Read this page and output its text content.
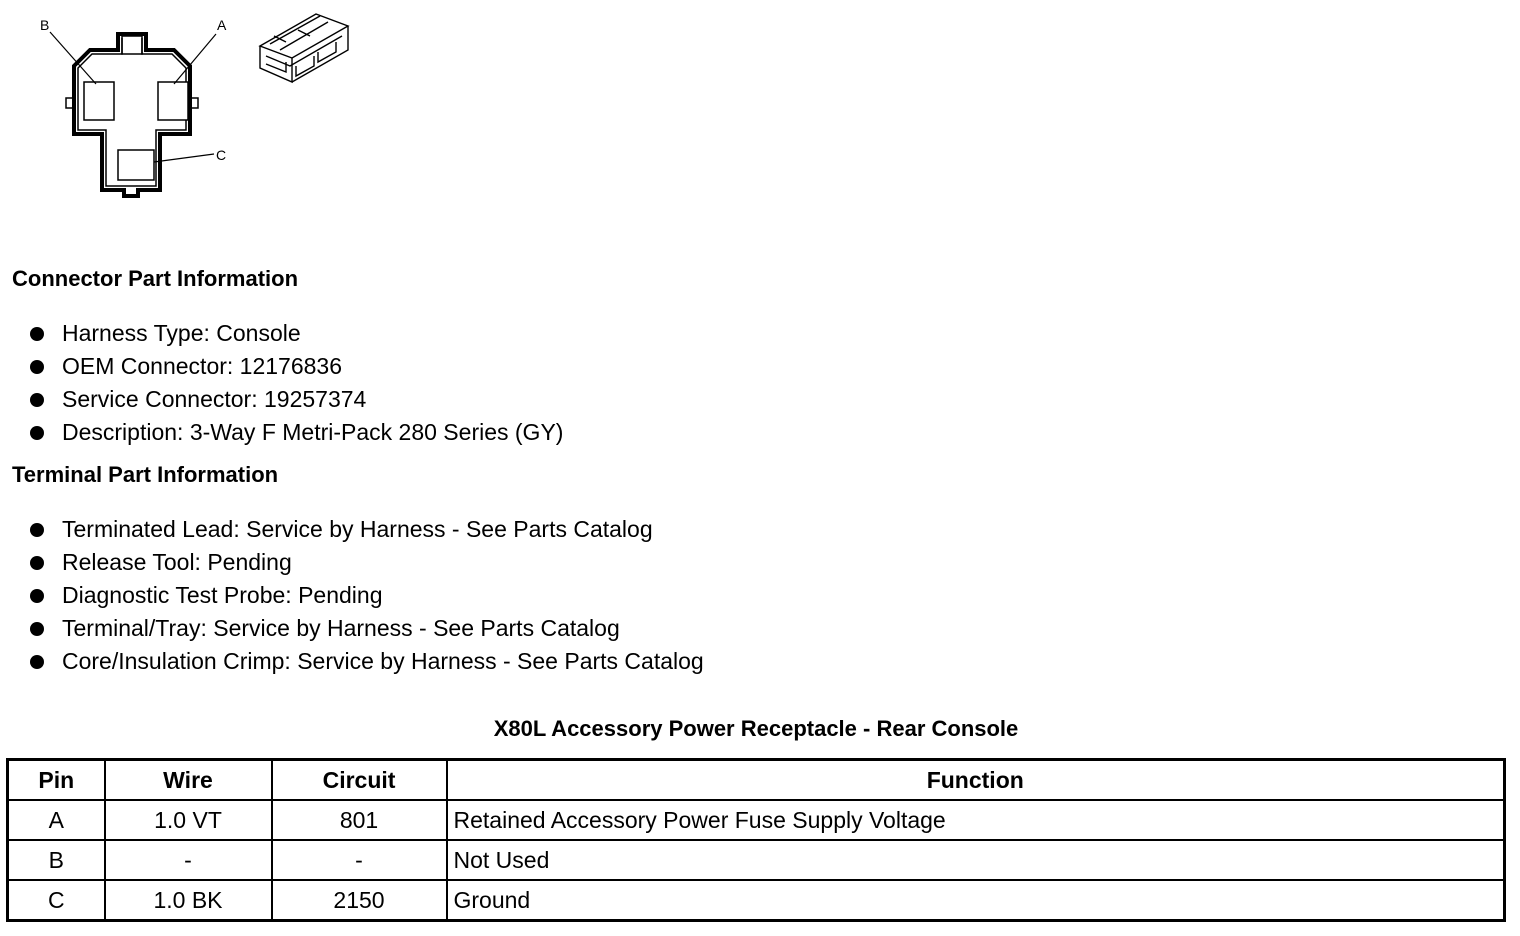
B	A
C
Connector Part Information
Harness Type: Console
OEM Connector: 12176836
Service Connector: 19257374
Description: 3-Way F Metri-Pack 280 Series (GY)
Terminal Part Information
Terminated Lead: Service by Harness - See Parts Catalog
Release Tool: Pending
Diagnostic Test Probe: Pending
Terminal/Tray: Service by Harness - See Parts Catalog
Core/Insulation Crimp: Service by Harness - See Parts Catalog
X80L Accessory Power Receptacle - Rear Console
Pin	Wire	Circuit	Function
A	1.0 VT	801	Retained Accessory Power Fuse Supply Voltage
B	-	-	Not Used
C	1.0 BK	2150	Ground
